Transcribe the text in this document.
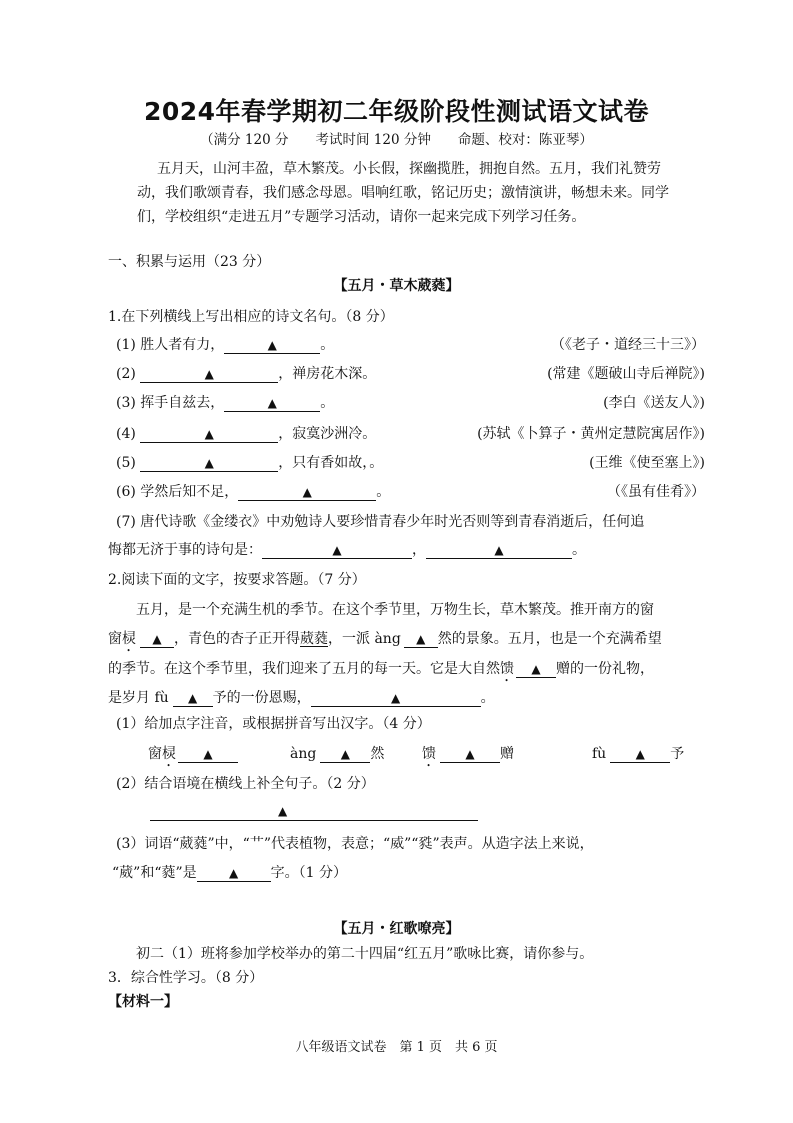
2024年春学期初二年级阶段性测试语文试卷
（满分 120 分　　考试时间 120 分钟　　命题、校对：陈亚琴）
五月天，山河丰盈，草木繁茂。小长假，探幽揽胜，拥抱自然。五月，我们礼赞劳
动，我们歌颂青春，我们感念母恩。唱响红歌，铭记历史；激情演讲，畅想未来。同学
们，学校组织“走进五月”专题学习活动，请你一起来完成下列学习任务。
一、积累与运用（23 分）
【五月・草木葳蕤】
1.在下列横线上写出相应的诗文名句。（8 分）
(1) 胜人者有力，	▲	。	（《老子・道经三十三》）
(2)	▲	，禅房花木深。	(常建《题破山寺后禅院》)
(3) 挥手自兹去，	▲	。	(李白《送友人》)
(4)	▲	，寂寞沙洲冷。	(苏轼《卜算子・黄州定慧院寓居作》)
(5)	▲	，只有香如故，。	(王维《使至塞上》)
(6) 学然后知不足，	▲	。	（《虽有佳肴》）
(7) 唐代诗歌《金缕衣》中劝勉诗人要珍惜青春少年时光否则等到青春消逝后，任何追
悔都无济于事的诗句是：	▲	，	▲	。
2.阅读下面的文字，按要求答题。（7 分）
五月，是一个充满生机的季节。在这个季节里，万物生长，草木繁茂。推开南方的窗
窗棂 ▲ ，青色的杏子正开得葳蕤，一派 àng ▲ 然的景象。五月，也是一个充满希望
的季节。在这个季节里，我们迎来了五月的每一天。它是大自然馈 ▲ 赠的一份礼物，
是岁月 fù ▲ 予的一份恩赐，	▲	。
(1）给加点字注音，或根据拼音写出汉字。（4 分）
窗棂 ▲	àng ▲ 然	馈 ▲ 赠	fù ▲ 予
(2）结合语境在横线上补全句子。（2 分）
▲
(3）词语“葳蕤”中，“艹”代表植物，表意；“威”“甤”表声。从造字法上来说，
“葳”和“蕤”是	▲ 字。（1 分）
【五月・红歌嘹亮】
初二（1）班将参加学校举办的第二十四届“红五月”歌咏比赛，请你参与。
3．综合性学习。（8 分）
【材料一】
八年级语文试卷　第 1 页　共 6 页
